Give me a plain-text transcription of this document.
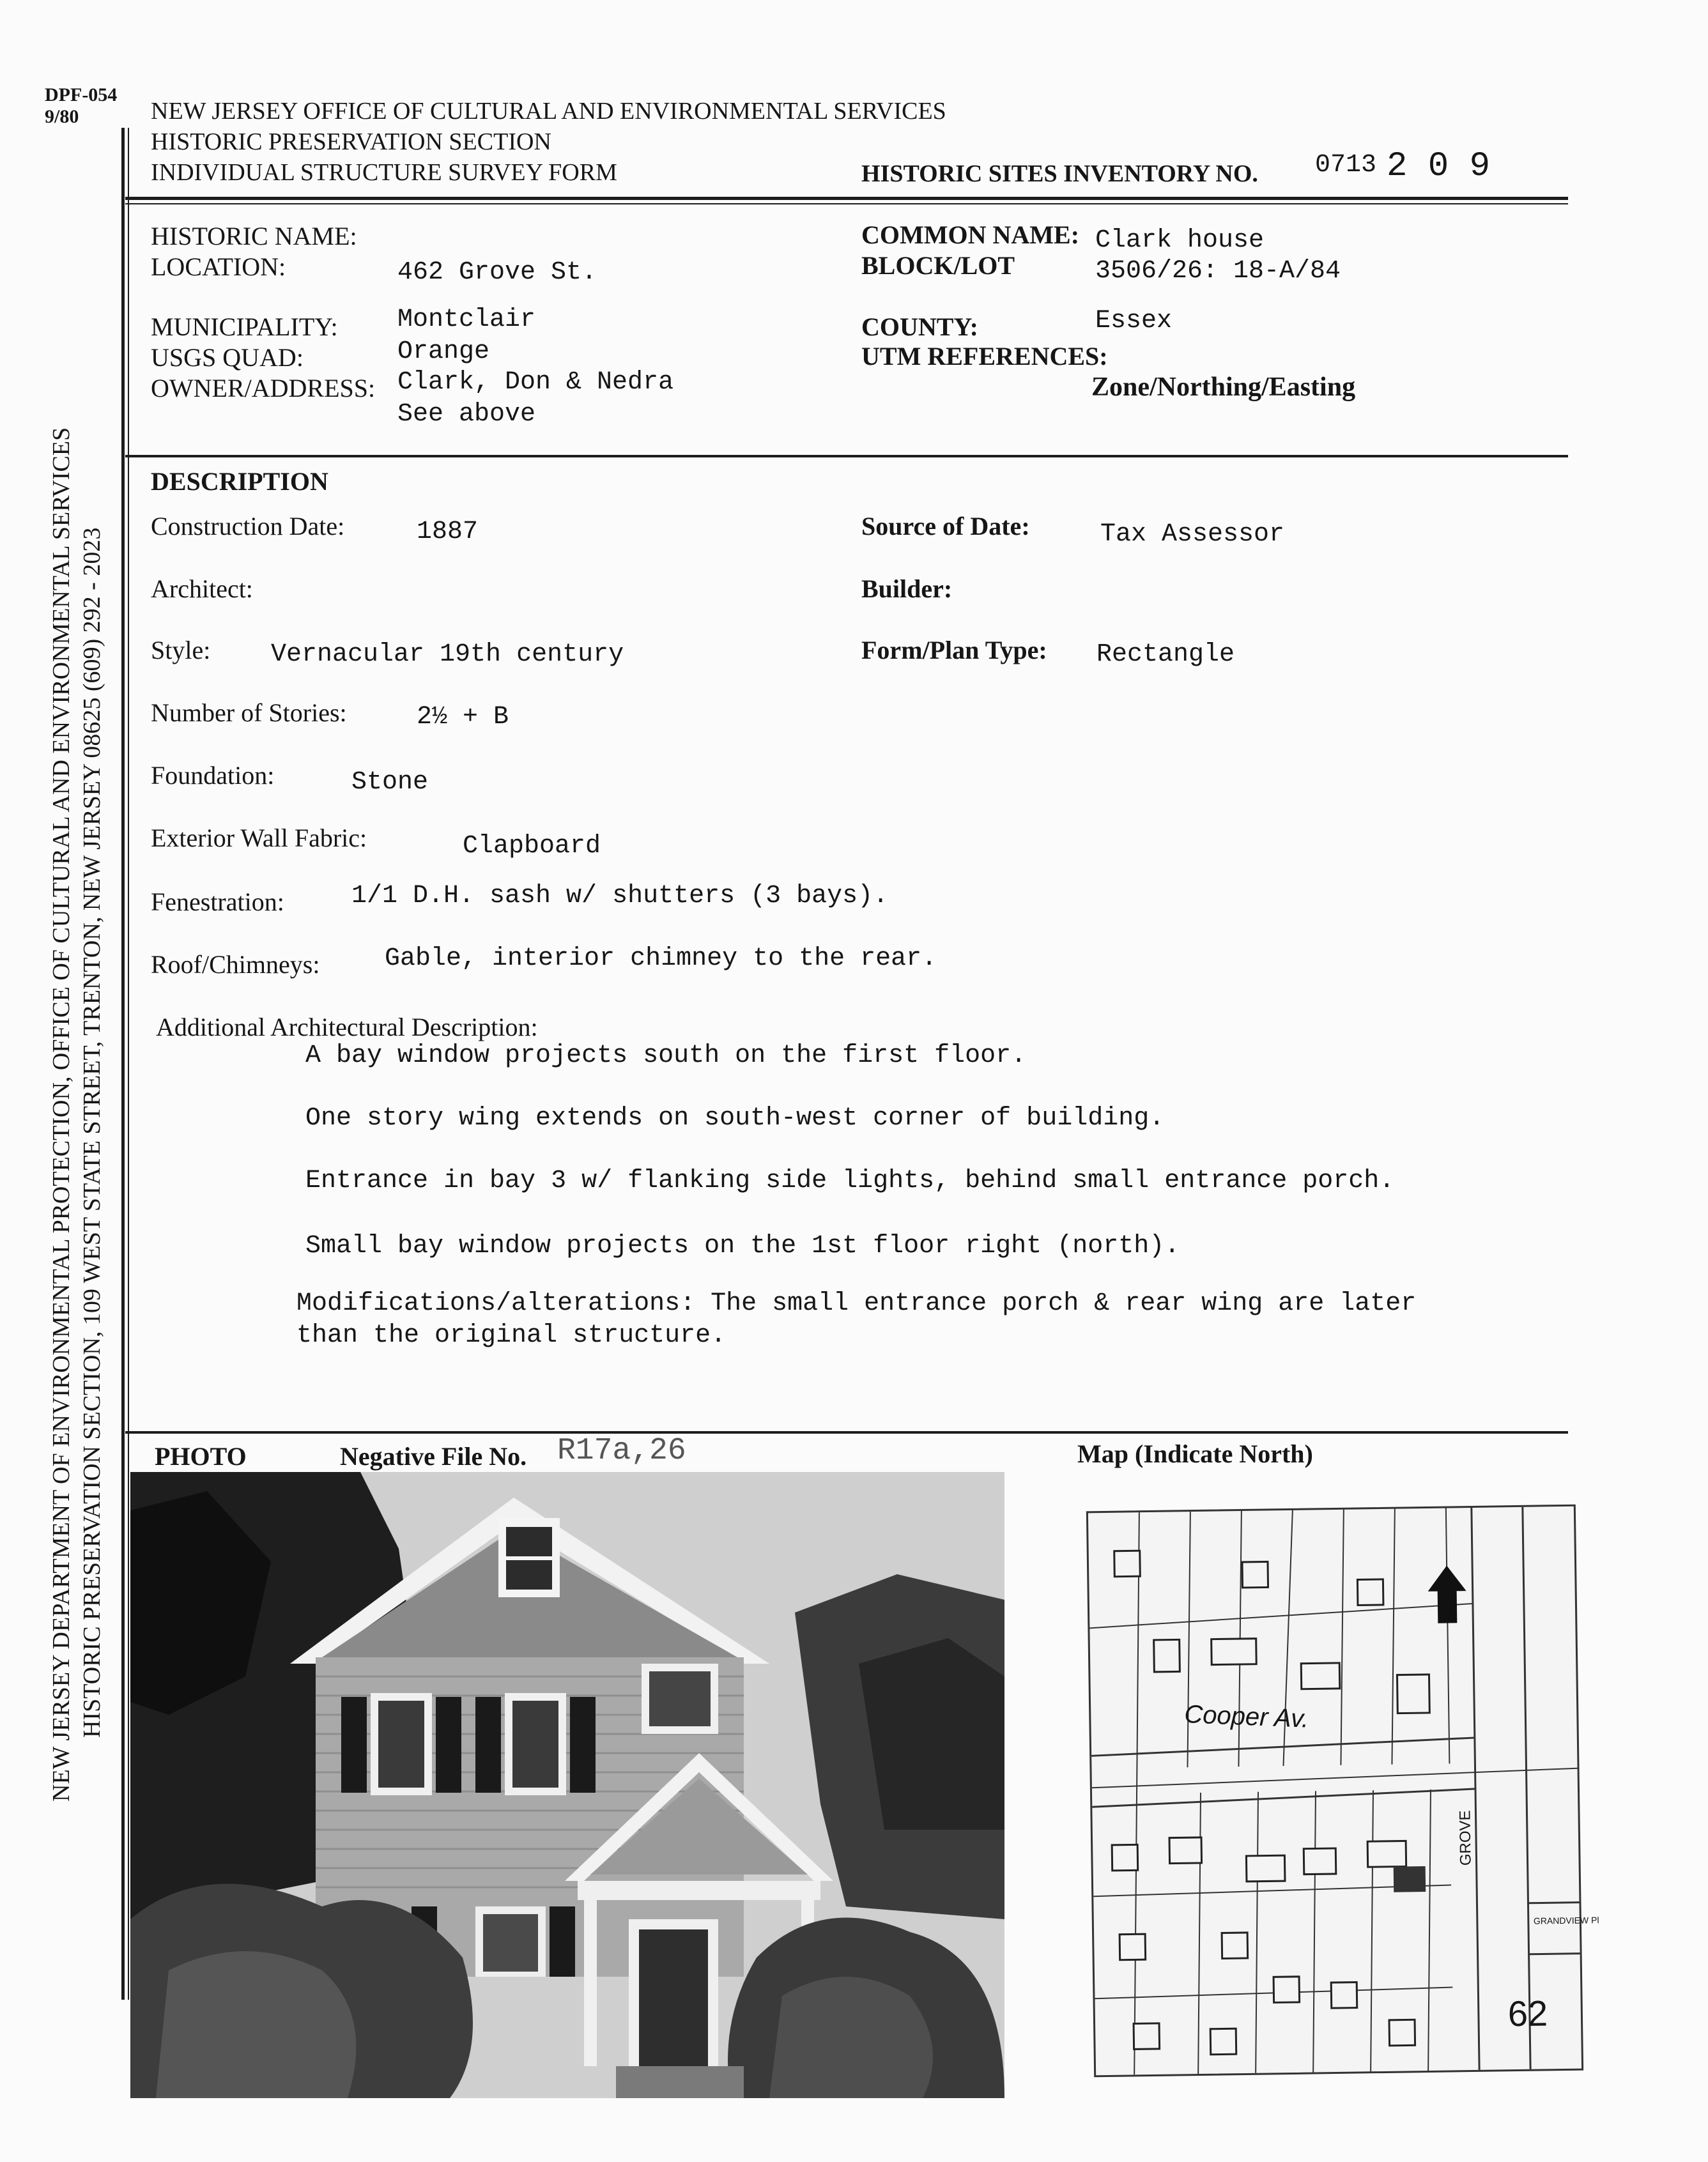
DPF-054
9/80	NEW JERSEY OFFICE OF CULTURAL AND ENVIRONMENTAL SERVICES
HISTORIC PRESERVATION SECTION
INDIVIDUAL STRUCTURE SURVEY FORM	HISTORIC SITES INVENTORY NO. 0713 2 0 9
NEW JERSEY DEPARTMENT OF ENVIRONMENTAL PROTECTION, OFFICE OF CULTURAL AND ENVIRONMENTAL SERVICES HISTORIC PRESERVATION SECTION, 109 WEST STATE STREET, TRENTON, NEW JERSEY 08625 (609) 292 - 2023
HISTORIC NAME:
LOCATION:	462 Grove St.
MUNICIPALITY: Montclair
USGS QUAD:	Orange
OWNER/ADDRESS: Clark, Don & Nedra
See above
COMMON NAME: Clark house
BLOCK/LOT	3506/26: 18-A/84
COUNTY:	Essex
UTM REFERENCES:
Zone/Northing/Easting
DESCRIPTION
Construction Date:	1887	Source of Date:	Tax Assessor
Architect:	Builder:
Style: Vernacular 19th century	Form/Plan Type: Rectangle
Number of Stories:	2½ + B
Foundation:	Stone
Exterior Wall Fabric:	Clapboard
Fenestration:	1/1 D.H. sash w/ shutters (3 bays).
Roof/Chimneys:	Gable, interior chimney to the rear.
Additional Architectural Description:
A bay window projects south on the first floor.
One story wing extends on south-west corner of building.
Entrance in bay 3 w/ flanking side lights, behind small entrance porch.
Small bay window projects on the 1st floor right (north).
Modifications/alterations: The small entrance porch & rear wing are later
than the original structure.
PHOTO	Negative File No. R17a,26	Map (Indicate North)
Cooper Av.
GROVE
GRANDVIEW Pl
62
